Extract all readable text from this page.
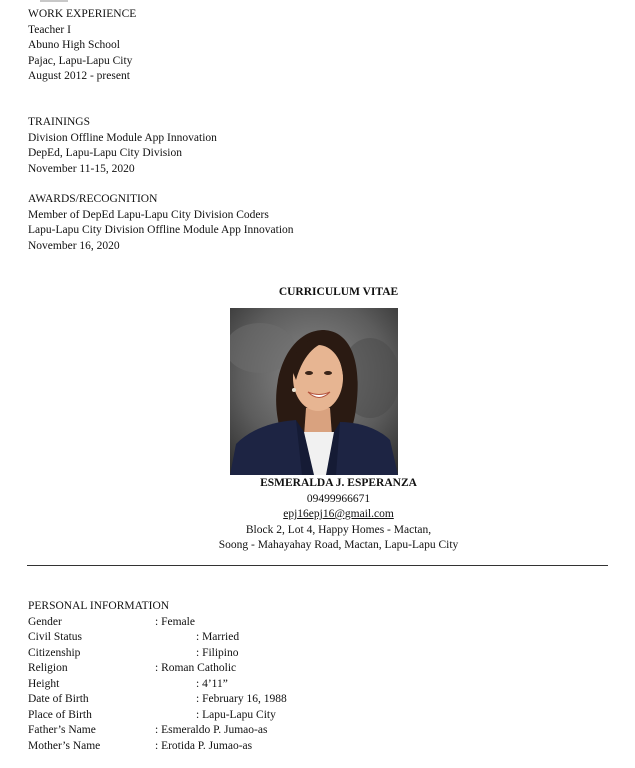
WORK EXPERIENCE
Teacher I
Abuno High School
Pajac, Lapu-Lapu City
August 2012 - present
TRAININGS
Division Offline Module App Innovation
DepEd, Lapu-Lapu City Division
November 11-15, 2020
AWARDS/RECOGNITION
Member of DepEd Lapu-Lapu City Division Coders
Lapu-Lapu City Division Offline Module App Innovation
November 16, 2020
CURRICULUM VITAE
ESMERALDA J. ESPERANZA
09499966671
epj16epj16@gmail.com
Block 2, Lot 4, Happy Homes - Mactan,
Soong - Mahayahay Road, Mactan, Lapu-Lapu City
PERSONAL INFORMATION
Gender	: Female
Civil Status	: Married
Citizenship	: Filipino
Religion	: Roman Catholic
Height	: 4’11”
Date of Birth	: February 16, 1988
Place of Birth	: Lapu-Lapu City
Father’s Name	: Esmeraldo P. Jumao-as
Mother’s Name	: Erotida P. Jumao-as
